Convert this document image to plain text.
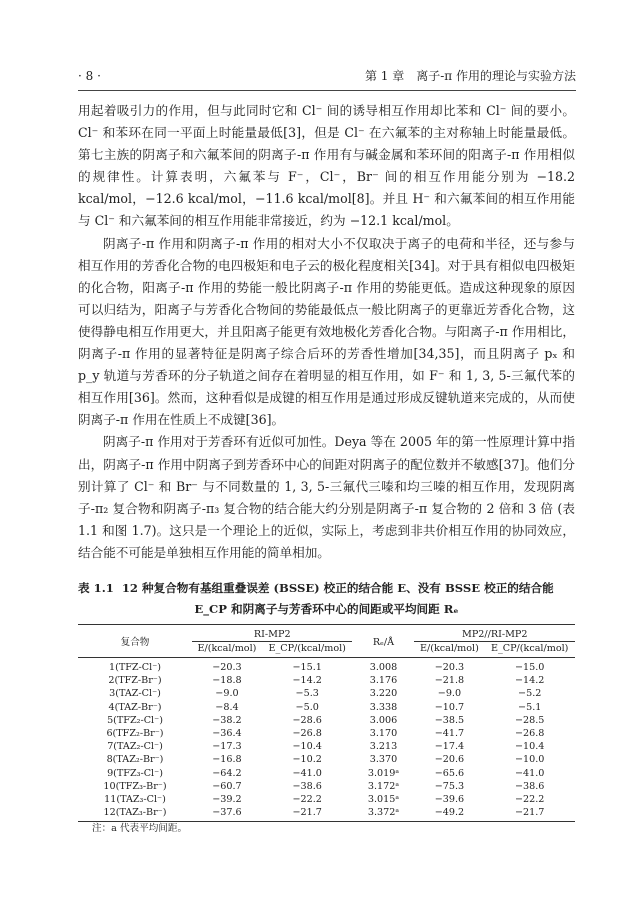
· 8 ·	第 1 章　离子-π 作用的理论与实验方法

用起着吸引力的作用，但与此同时它和 Cl⁻ 间的诱导相互作用却比苯和 Cl⁻ 间的要小。Cl⁻ 和苯环在同一平面上时能量最低[3]，但是 Cl⁻ 在六氟苯的主对称轴上时能量最低。第七主族的阴离子和六氟苯间的阴离子-π 作用有与碱金属和苯环间的阳离子-π 作用相似的规律性。计算表明，六氟苯与 F⁻，Cl⁻，Br⁻ 间的相互作用能分别为 −18.2 kcal/mol，−12.6 kcal/mol，−11.6 kcal/mol[8]。并且 H⁻ 和六氟苯间的相互作用能与 Cl⁻ 和六氟苯间的相互作用能非常接近，约为 −12.1 kcal/mol。

阴离子-π 作用和阴离子-π 作用的相对大小不仅取决于离子的电荷和半径，还与参与相互作用的芳香化合物的电四极矩和电子云的极化程度相关[34]。对于具有相似电四极矩的化合物，阳离子-π 作用的势能一般比阴离子-π 作用的势能更低。造成这种现象的原因可以归结为，阳离子与芳香化合物间的势能最低点一般比阴离子的更靠近芳香化合物，这使得静电相互作用更大，并且阳离子能更有效地极化芳香化合物。与阳离子-π 作用相比，阴离子-π 作用的显著特征是阴离子综合后环的芳香性增加[34,35]，而且阴离子 pₓ 和 p_y 轨道与芳香环的分子轨道之间存在着明显的相互作用，如 F⁻ 和 1, 3, 5-三氟代苯的相互作用[36]。然而，这种看似是成键的相互作用是通过形成反键轨道来完成的，从而使阴离子-π 作用在性质上不成键[36]。

阴离子-π 作用对于芳香环有近似可加性。Deya 等在 2005 年的第一性原理计算中指出，阴离子-π 作用中阴离子到芳香环中心的间距对阴离子的配位数并不敏感[37]。他们分别计算了 Cl⁻ 和 Br⁻ 与不同数量的 1, 3, 5-三氟代三嗪和均三嗪的相互作用，发现阴离子-π₂ 复合物和阴离子-π₃ 复合物的结合能大约分别是阴离子-π 复合物的 2 倍和 3 倍 (表 1.1 和图 1.7)。这只是一个理论上的近似，实际上，考虑到非共价相互作用的协同效应，结合能不可能是单独相互作用能的简单相加。

表 1.1 12 种复合物有基组重叠误差 (BSSE) 校正的结合能 E、没有 BSSE 校正的结合能
E_CP 和阴离子与芳香环中心的间距或平均间距 Rₑ
复合物	RI-MP2		Rₑ/Å	MP2//RI-MP2	
	E/(kcal/mol)	E_CP/(kcal/mol)		E/(kcal/mol)	E_CP/(kcal/mol)
1(TFZ-Cl⁻)	−20.3	−15.1	3.008	−20.3	−15.0
2(TFZ-Br⁻)	−18.8	−14.2	3.176	−21.8	−14.2
3(TAZ-Cl⁻)	−9.0	−5.3	3.220	−9.0	−5.2
4(TAZ-Br⁻)	−8.4	−5.0	3.338	−10.7	−5.1
5(TFZ₂-Cl⁻)	−38.2	−28.6	3.006	−38.5	−28.5
6(TFZ₂-Br⁻)	−36.4	−26.8	3.170	−41.7	−26.8
7(TAZ₂-Cl⁻)	−17.3	−10.4	3.213	−17.4	−10.4
8(TAZ₂-Br⁻)	−16.8	−10.2	3.370	−20.6	−10.0
9(TFZ₃-Cl⁻)	−64.2	−41.0	3.019ᵃ	−65.6	−41.0
10(TFZ₃-Br⁻)	−60.7	−38.6	3.172ᵃ	−75.3	−38.6
11(TAZ₃-Cl⁻)	−39.2	−22.2	3.015ᵃ	−39.6	−22.2
12(TAZ₃-Br⁻)	−37.6	−21.7	3.372ᵃ	−49.2	−21.7
注：a 代表平均间距。
